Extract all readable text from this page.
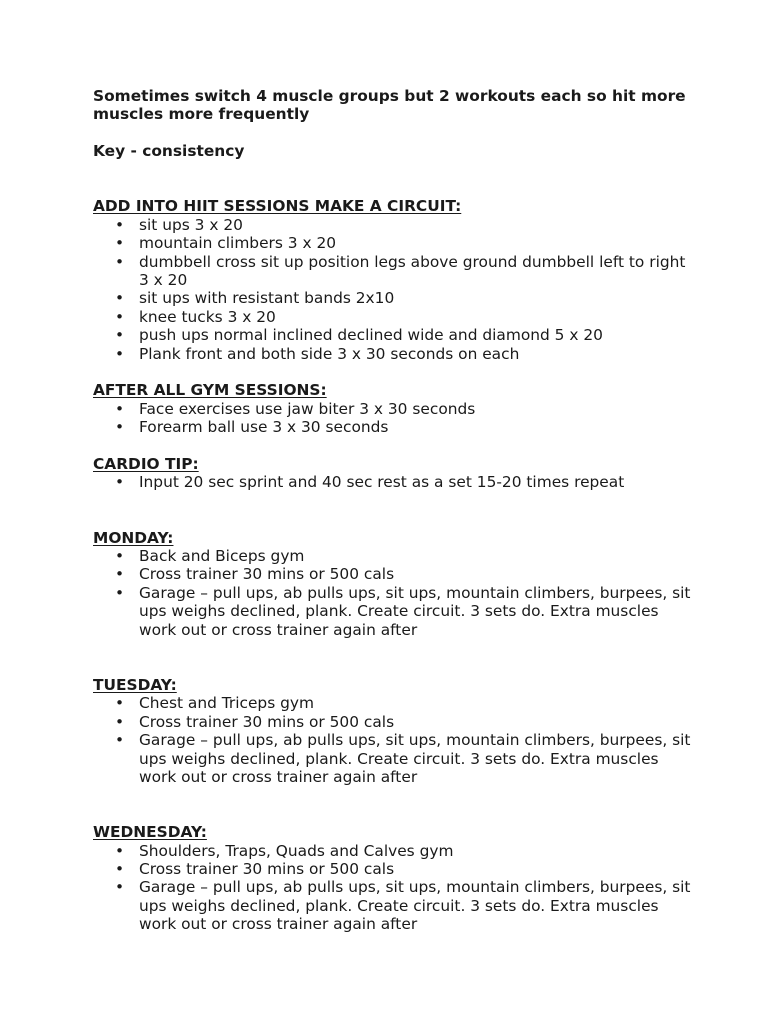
Sometimes switch 4 muscle groups but 2 workouts each so hit more muscles more frequently

Key - consistency

ADD INTO HIIT SESSIONS MAKE A CIRCUIT:

• sit ups 3 x 20
• mountain climbers 3 x 20
• dumbbell cross sit up position legs above ground dumbbell left to right 3 x 20
• sit ups with resistant bands 2x10
• knee tucks 3 x 20
• push ups normal inclined declined wide and diamond 5 x 20
• Plank front and both side 3 x 30 seconds on each

AFTER ALL GYM SESSIONS:

• Face exercises use jaw biter 3 x 30 seconds
• Forearm ball use 3 x 30 seconds

CARDIO TIP:

• Input 20 sec sprint and 40 sec rest as a set 15-20 times repeat

MONDAY:

• Back and Biceps gym
• Cross trainer 30 mins or 500 cals
• Garage – pull ups, ab pulls ups, sit ups, mountain climbers, burpees, sit ups weighs declined, plank. Create circuit. 3 sets do. Extra muscles work out or cross trainer again after

TUESDAY:

• Chest and Triceps gym
• Cross trainer 30 mins or 500 cals
• Garage – pull ups, ab pulls ups, sit ups, mountain climbers, burpees, sit ups weighs declined, plank. Create circuit. 3 sets do. Extra muscles work out or cross trainer again after

WEDNESDAY:

• Shoulders, Traps, Quads and Calves gym
• Cross trainer 30 mins or 500 cals
• Garage – pull ups, ab pulls ups, sit ups, mountain climbers, burpees, sit ups weighs declined, plank. Create circuit. 3 sets do. Extra muscles work out or cross trainer again after
